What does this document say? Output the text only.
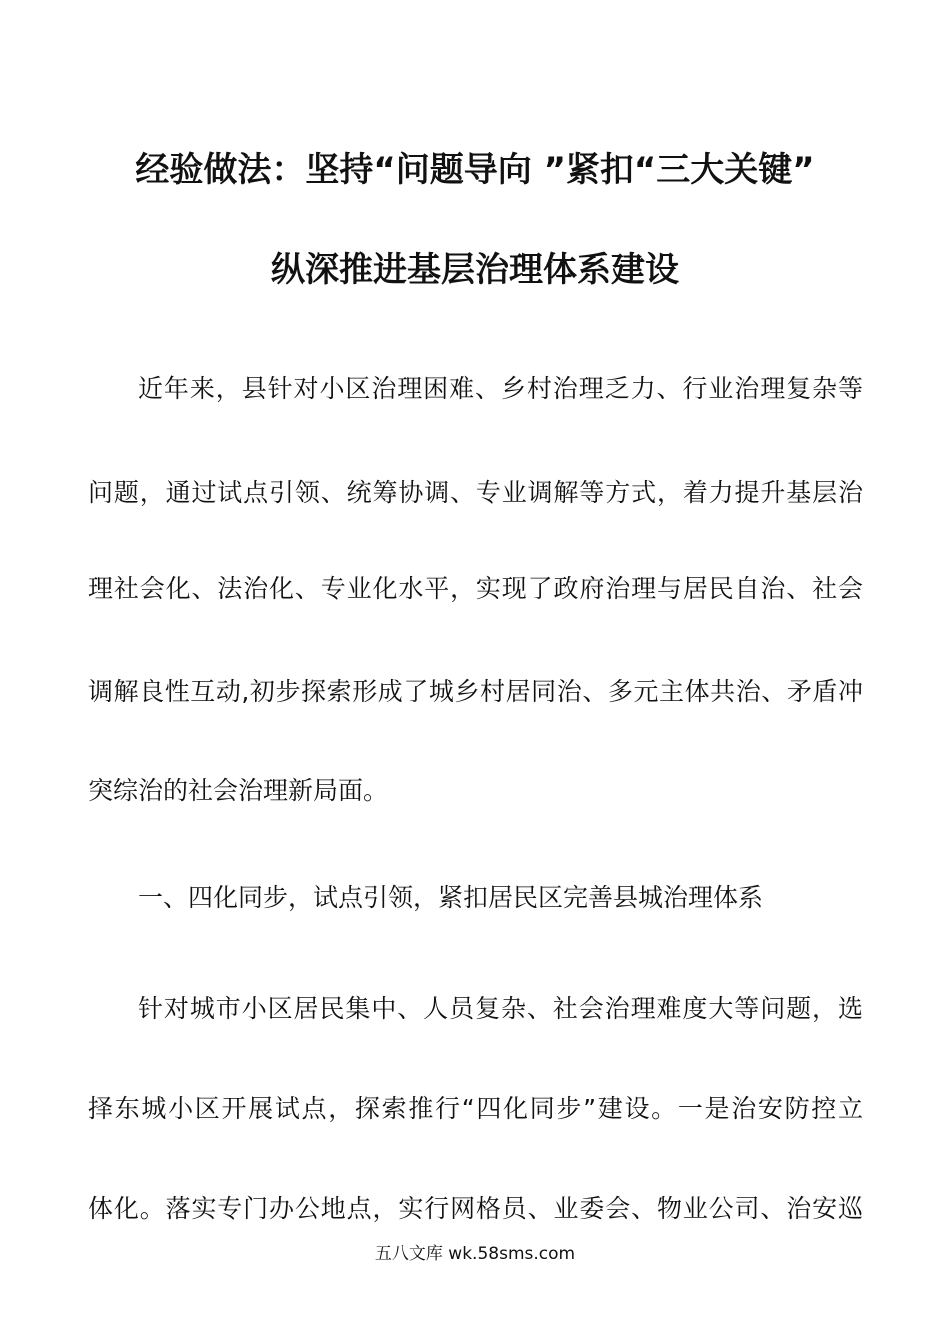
经验做法：坚持“问题导向 ”紧扣“三大关键”
纵深推进基层治理体系建设
近年来，县针对小区治理困难、乡村治理乏力、行业治理复杂等
问题，通过试点引领、统筹协调、专业调解等方式，着力提升基层治
理社会化、法治化、专业化水平，实现了政府治理与居民自治、社会
调解良性互动,初步探索形成了城乡村居同治、多元主体共治、矛盾冲
突综治的社会治理新局面。
一、四化同步，试点引领，紧扣居民区完善县城治理体系
针对城市小区居民集中、人员复杂、社会治理难度大等问题，选
择东城小区开展试点，探索推行“四化同步”建设。一是治安防控立
体化。落实专门办公地点，实行网格员、业委会、物业公司、治安巡
五八文库 wk.58sms.com
